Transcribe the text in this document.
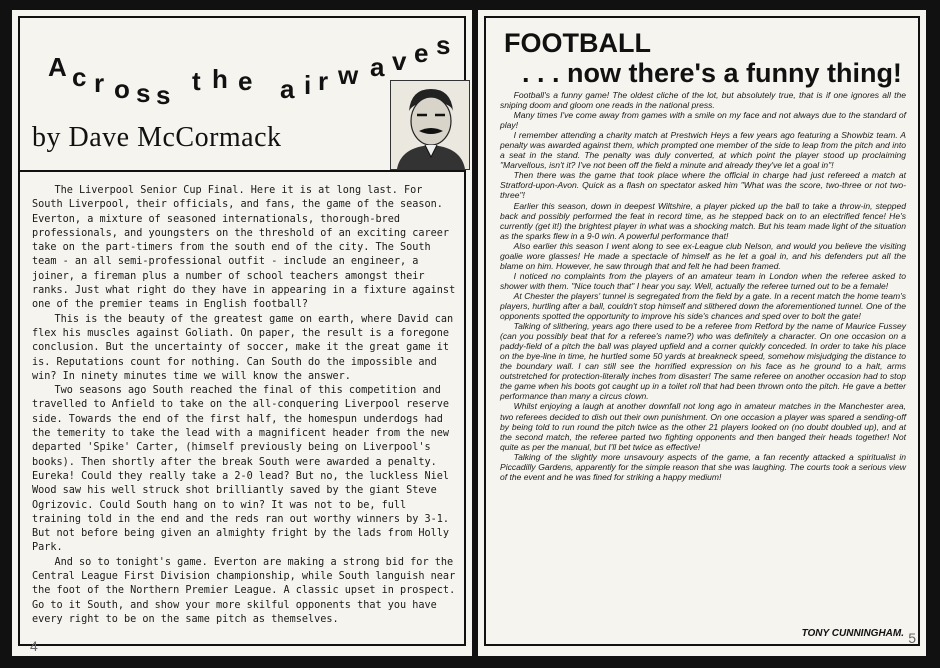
A c r o s s t h e a i r w a v e s
by Dave McCormack

The Liverpool Senior Cup Final. Here it is at long last. For South Liverpool, their officials, and fans, the game of the season. Everton, a mixture of seasoned internationals, thorough-bred professionals, and youngsters on the threshold of an exciting career take on the part-timers from the south end of the city. The South team - an all semi-professional outfit - include an engineer, a joiner, a fireman plus a number of school teachers amongst their ranks. Just what right do they have in appearing in a fixture against one of the premier teams in English football?

This is the beauty of the greatest game on earth, where David can flex his muscles against Goliath. On paper, the result is a foregone conclusion. But the uncertainty of soccer, make it the great game it is. Reputations count for nothing. Can South do the impossible and win? In ninety minutes time we will know the answer.

Two seasons ago South reached the final of this competition and travelled to Anfield to take on the all-conquering Liverpool reserve side. Towards the end of the first half, the homespun underdogs had the temerity to take the lead with a magnificent header from the new departed 'Spike' Carter, (himself previously being on Liverpool's books). Then shortly after the break South were awarded a penalty. Eureka! Could they really take a 2-0 lead? But no, the luckless Niel Wood saw his well struck shot brilliantly saved by the giant Steve Ogrizovic. Could South hang on to win? It was not to be, full training told in the end and the reds ran out worthy winners by 3-1. But not before being given an almighty fright by the lads from Holly Park.

And so to tonight's game. Everton are making a strong bid for the Central League First Division championship, while South languish near the foot of the Northern Premier League. A classic upset in prospect. Go to it South, and show your more skilful opponents that you have every right to be on the same pitch as themselves.

4
FOOTBALL
. . . now there's a funny thing!

Football's a funny game! The oldest cliche of the lot, but absolutely true, that is if one ignores all the sniping doom and gloom one reads in the national press.

Many times I've come away from games with a smile on my face and not always due to the standard of play!

I remember attending a charity match at Prestwich Heys a few years ago featuring a Showbiz team. A penalty was awarded against them, which prompted one member of the side to leap from the pitch and into a seat in the stand. The penalty was duly converted, at which point the player stood up proclaiming "Marvellous, isn't it? I've not been off the field a minute and already they've let a goal in"!

Then there was the game that took place where the official in charge had just refereed a match at Stratford-upon-Avon. Quick as a flash on spectator asked him "What was the score, two-three or not two-three"!

Earlier this season, down in deepest Wiltshire, a player picked up the ball to take a throw-in, stepped back and possibly performed the feat in record time, as he stepped back on to an electrified fence! He's currently (get it!) the brightest player in what was a shocking match. But his team made light of the situation as the sparks flew in a 9-0 win. A powerful performance that!

Also earlier this season I went along to see ex-League club Nelson, and would you believe the visiting goalie wore glasses! He made a spectacle of himself as he let a goal in, and his defenders put all the blame on him. However, he saw through that and felt he had been framed.

I noticed no complaints from the players of an amateur team in London when the referee asked to shower with them. "Nice touch that" I hear you say. Well, actually the referee turned out to be a female!

At Chester the players' tunnel is segregated from the field by a gate. In a recent match the home team's players, hurtling after a ball, couldn't stop himself and slithered down the aforementioned tunnel. One of the opponents spotted the opportunity to improve his side's chances and sped over to bolt the gate!

Talking of slithering, years ago there used to be a referee from Retford by the name of Maurice Fussey (can you possibly beat that for a referee's name?) who was definitely a character. On one occasion on a paddy-field of a pitch the ball was played upfield and a corner quickly conceded. In order to take his place on the bye-line in time, he hurtled some 50 yards at breakneck speed, somehow misjudging the distance to the boundary wall. I can still see the horrified expression on his face as he ground to a halt, arms outstretched for protection-literally inches from disaster! The same referee on another occasion had to stop the game when his boots got caught up in a toilet roll that had been thrown onto the pitch. He gave a better performance than many a circus clown.

Whilst enjoying a laugh at another downfall not long ago in amateur matches in the Manchester area, two referees decided to dish out their own punishment. On one occasion a player was spared a sending-off by being told to run round the pitch twice as the other 21 players looked on (no doubt doubled up), and at the second match, the referee parted two fighting opponents and then banged their heads together! Not quite as per the manual, but I'll bet twice as effective!

Talking of the slightly more unsavoury aspects of the game, a fan recently attacked a spiritualist in Piccadilly Gardens, apparently for the simple reason that she was laughing. The courts took a serious view of the event and he was fined for striking a happy medium!

TONY CUNNINGHAM. 5
